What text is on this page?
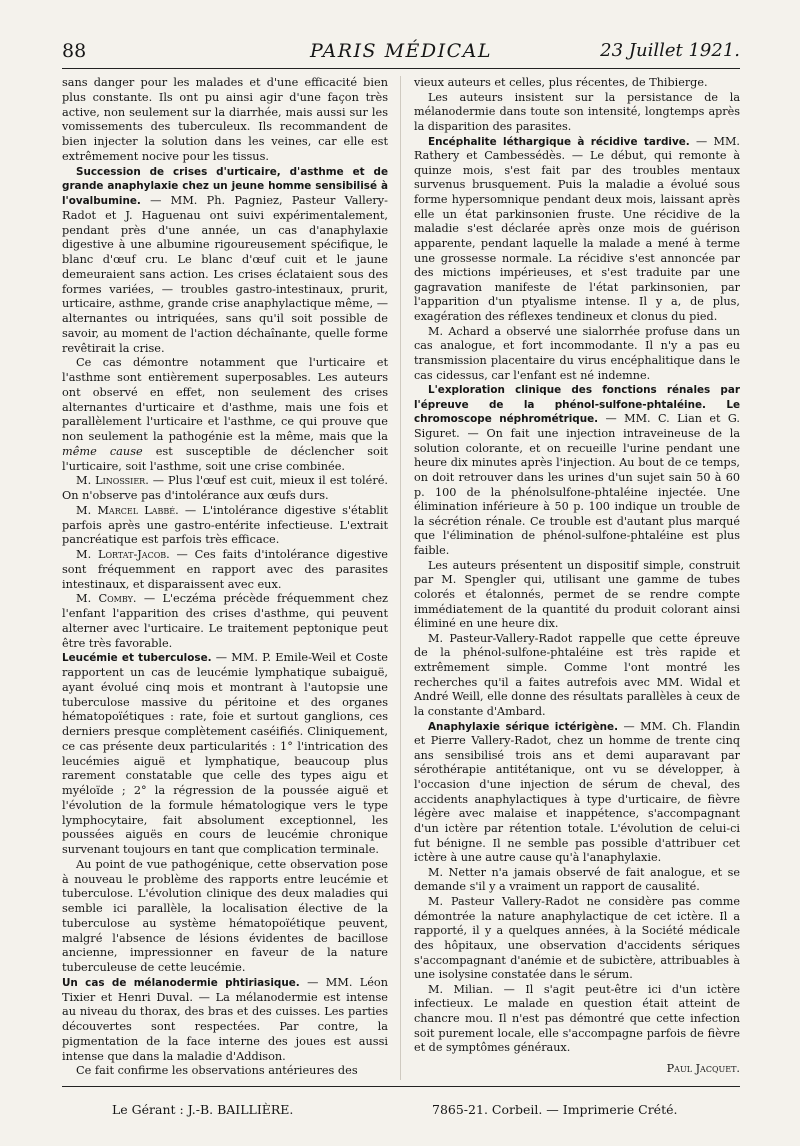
88	PARIS MÉDICAL	23 Juillet 1921.

sans danger pour les malades et d'une efficacité bien plus constante. Ils ont pu ainsi agir d'une façon très active, non seulement sur la diarrhée, mais aussi sur les vomissements des tuberculeux. Ils recommandent de bien injecter la solution dans les veines, car elle est extrêmement nocive pour les tissus.

Succession de crises d'urticaire, d'asthme et de grande anaphylaxie chez un jeune homme sensibilisé à l'ovalbumine. — MM. Ph. Pagniez, Pasteur Vallery-Radot et J. Haguenau ont suivi expérimentalement, pendant près d'une année, un cas d'anaphylaxie digestive à une albumine rigoureusement spécifique, le blanc d'œuf cru. Le blanc d'œuf cuit et le jaune demeuraient sans action. Les crises éclataient sous des formes variées, — troubles gastro-intestinaux, prurit, urticaire, asthme, grande crise anaphylactique même, — alternantes ou intriquées, sans qu'il soit possible de savoir, au moment de l'action déchaînante, quelle forme revêtirait la crise.

Ce cas démontre notamment que l'urticaire et l'asthme sont entièrement superposables. Les auteurs ont observé en effet, non seulement des crises alternantes d'urticaire et d'asthme, mais une fois et parallèlement l'urticaire et l'asthme, ce qui prouve que non seulement la pathogénie est la même, mais que la même cause est susceptible de déclencher soit l'urticaire, soit l'asthme, soit une crise combinée.

M. Linossier. — Plus l'œuf est cuit, mieux il est toléré. On n'observe pas d'intolérance aux œufs durs.

M. Marcel Labbé. — L'intolérance digestive s'établit parfois après une gastro-entérite infectieuse. L'extrait pancréatique est parfois très efficace.

M. Lortat-Jacob. — Ces faits d'intolérance digestive sont fréquemment en rapport avec des parasites intestinaux, et disparaissent avec eux.

M. Comby. — L'eczéma précède fréquemment chez l'enfant l'apparition des crises d'asthme, qui peuvent alterner avec l'urticaire. Le traitement peptonique peut être très favorable.

Leucémie et tuberculose. — MM. P. Emile-Weil et Coste rapportent un cas de leucémie lymphatique subaiguë, ayant évolué cinq mois et montrant à l'autopsie une tuberculose massive du péritoine et des organes hématopoïétiques : rate, foie et surtout ganglions, ces derniers presque complètement caséifiés. Cliniquement, ce cas présente deux particularités : 1° l'intrication des leucémies aiguë et lymphatique, beaucoup plus rarement constatable que celle des types aigu et myéloïde ; 2° la régression de la poussée aiguë et l'évolution de la formule hématologique vers le type lymphocytaire, fait absolument exceptionnel, les poussées aiguës en cours de leucémie chronique survenant toujours en tant que complication terminale.

Au point de vue pathogénique, cette observation pose à nouveau le problème des rapports entre leucémie et tuberculose. L'évolution clinique des deux maladies qui semble ici parallèle, la localisation élective de la tuberculose au système hématopoïétique peuvent, malgré l'absence de lésions évidentes de bacillose ancienne, impressionner en faveur de la nature tuberculeuse de cette leucémie.

Un cas de mélanodermie phtiriasique. — MM. Léon Tixier et Henri Duval. — La mélanodermie est intense au niveau du thorax, des bras et des cuisses. Les parties découvertes sont respectées. Par contre, la pigmentation de la face interne des joues est aussi intense que dans la maladie d'Addison.

Ce fait confirme les observations antérieures des

vieux auteurs et celles, plus récentes, de Thibierge.

Les auteurs insistent sur la persistance de la mélanodermie dans toute son intensité, longtemps après la disparition des parasites.

Encéphalite léthargique à récidive tardive. — MM. Rathery et Cambessédès. — Le début, qui remonte à quinze mois, s'est fait par des troubles mentaux survenus brusquement. Puis la maladie a évolué sous forme hypersomnique pendant deux mois, laissant après elle un état parkinsonien fruste. Une récidive de la maladie s'est déclarée après onze mois de guérison apparente, pendant laquelle la malade a mené à terme une grossesse normale. La récidive s'est annoncée par des mictions impérieuses, et s'est traduite par une gagravation manifeste de l'état parkinsonien, par l'apparition d'un ptyalisme intense. Il y a, de plus, exagération des réflexes tendineux et clonus du pied.

M. Achard a observé une sialorrhée profuse dans un cas analogue, et fort incommodante. Il n'y a pas eu transmission placentaire du virus encéphalitique dans le cas cidessus, car l'enfant est né indemne.

L'exploration clinique des fonctions rénales par l'épreuve de la phénol-sulfone-phtaléine. Le chromoscope néphrométrique. — MM. C. Lian et G. Siguret. — On fait une injection intraveineuse de la solution colorante, et on recueille l'urine pendant une heure dix minutes après l'injection. Au bout de ce temps, on doit retrouver dans les urines d'un sujet sain 50 à 60 p. 100 de la phénolsulfone-phtaléine injectée. Une élimination inférieure à 50 p. 100 indique un trouble de la sécrétion rénale. Ce trouble est d'autant plus marqué que l'élimination de phénol-sulfone-phtaléine est plus faible.

Les auteurs présentent un dispositif simple, construit par M. Spengler qui, utilisant une gamme de tubes colorés et étalonnés, permet de se rendre compte immédiatement de la quantité du produit colorant ainsi éliminé en une heure dix.

M. Pasteur-Vallery-Radot rappelle que cette épreuve de la phénol-sulfone-phtaléine est très rapide et extrêmement simple. Comme l'ont montré les recherches qu'il a faites autrefois avec MM. Widal et André Weill, elle donne des résultats parallèles à ceux de la constante d'Ambard.

Anaphylaxie sérique ictérigène. — MM. Ch. Flandin et Pierre Vallery-Radot, chez un homme de trente cinq ans sensibilisé trois ans et demi auparavant par sérothérapie antitétanique, ont vu se développer, à l'occasion d'une injection de sérum de cheval, des accidents anaphylactiques à type d'urticaire, de fièvre légère avec malaise et inappétence, s'accompagnant d'un ictère par rétention totale. L'évolution de celui-ci fut bénigne. Il ne semble pas possible d'attribuer cet ictère à une autre cause qu'à l'anaphylaxie.

M. Netter n'a jamais observé de fait analogue, et se demande s'il y a vraiment un rapport de causalité.

M. Pasteur Vallery-Radot ne considère pas comme démontrée la nature anaphylactique de cet ictère. Il a rapporté, il y a quelques années, à la Société médicale des hôpitaux, une observation d'accidents sériques s'accompagnant d'anémie et de subictère, attribuables à une isolysine constatée dans le sérum.

M. Milian. — Il s'agit peut-être ici d'un ictère infectieux. Le malade en question était atteint de chancre mou. Il n'est pas démontré que cette infection soit purement locale, elle s'accompagne parfois de fièvre et de symptômes généraux.

Paul Jacquet.
Le Gérant : J.-B. BAILLIÈRE.	7865-21. Corbeil. — Imprimerie Crété.
